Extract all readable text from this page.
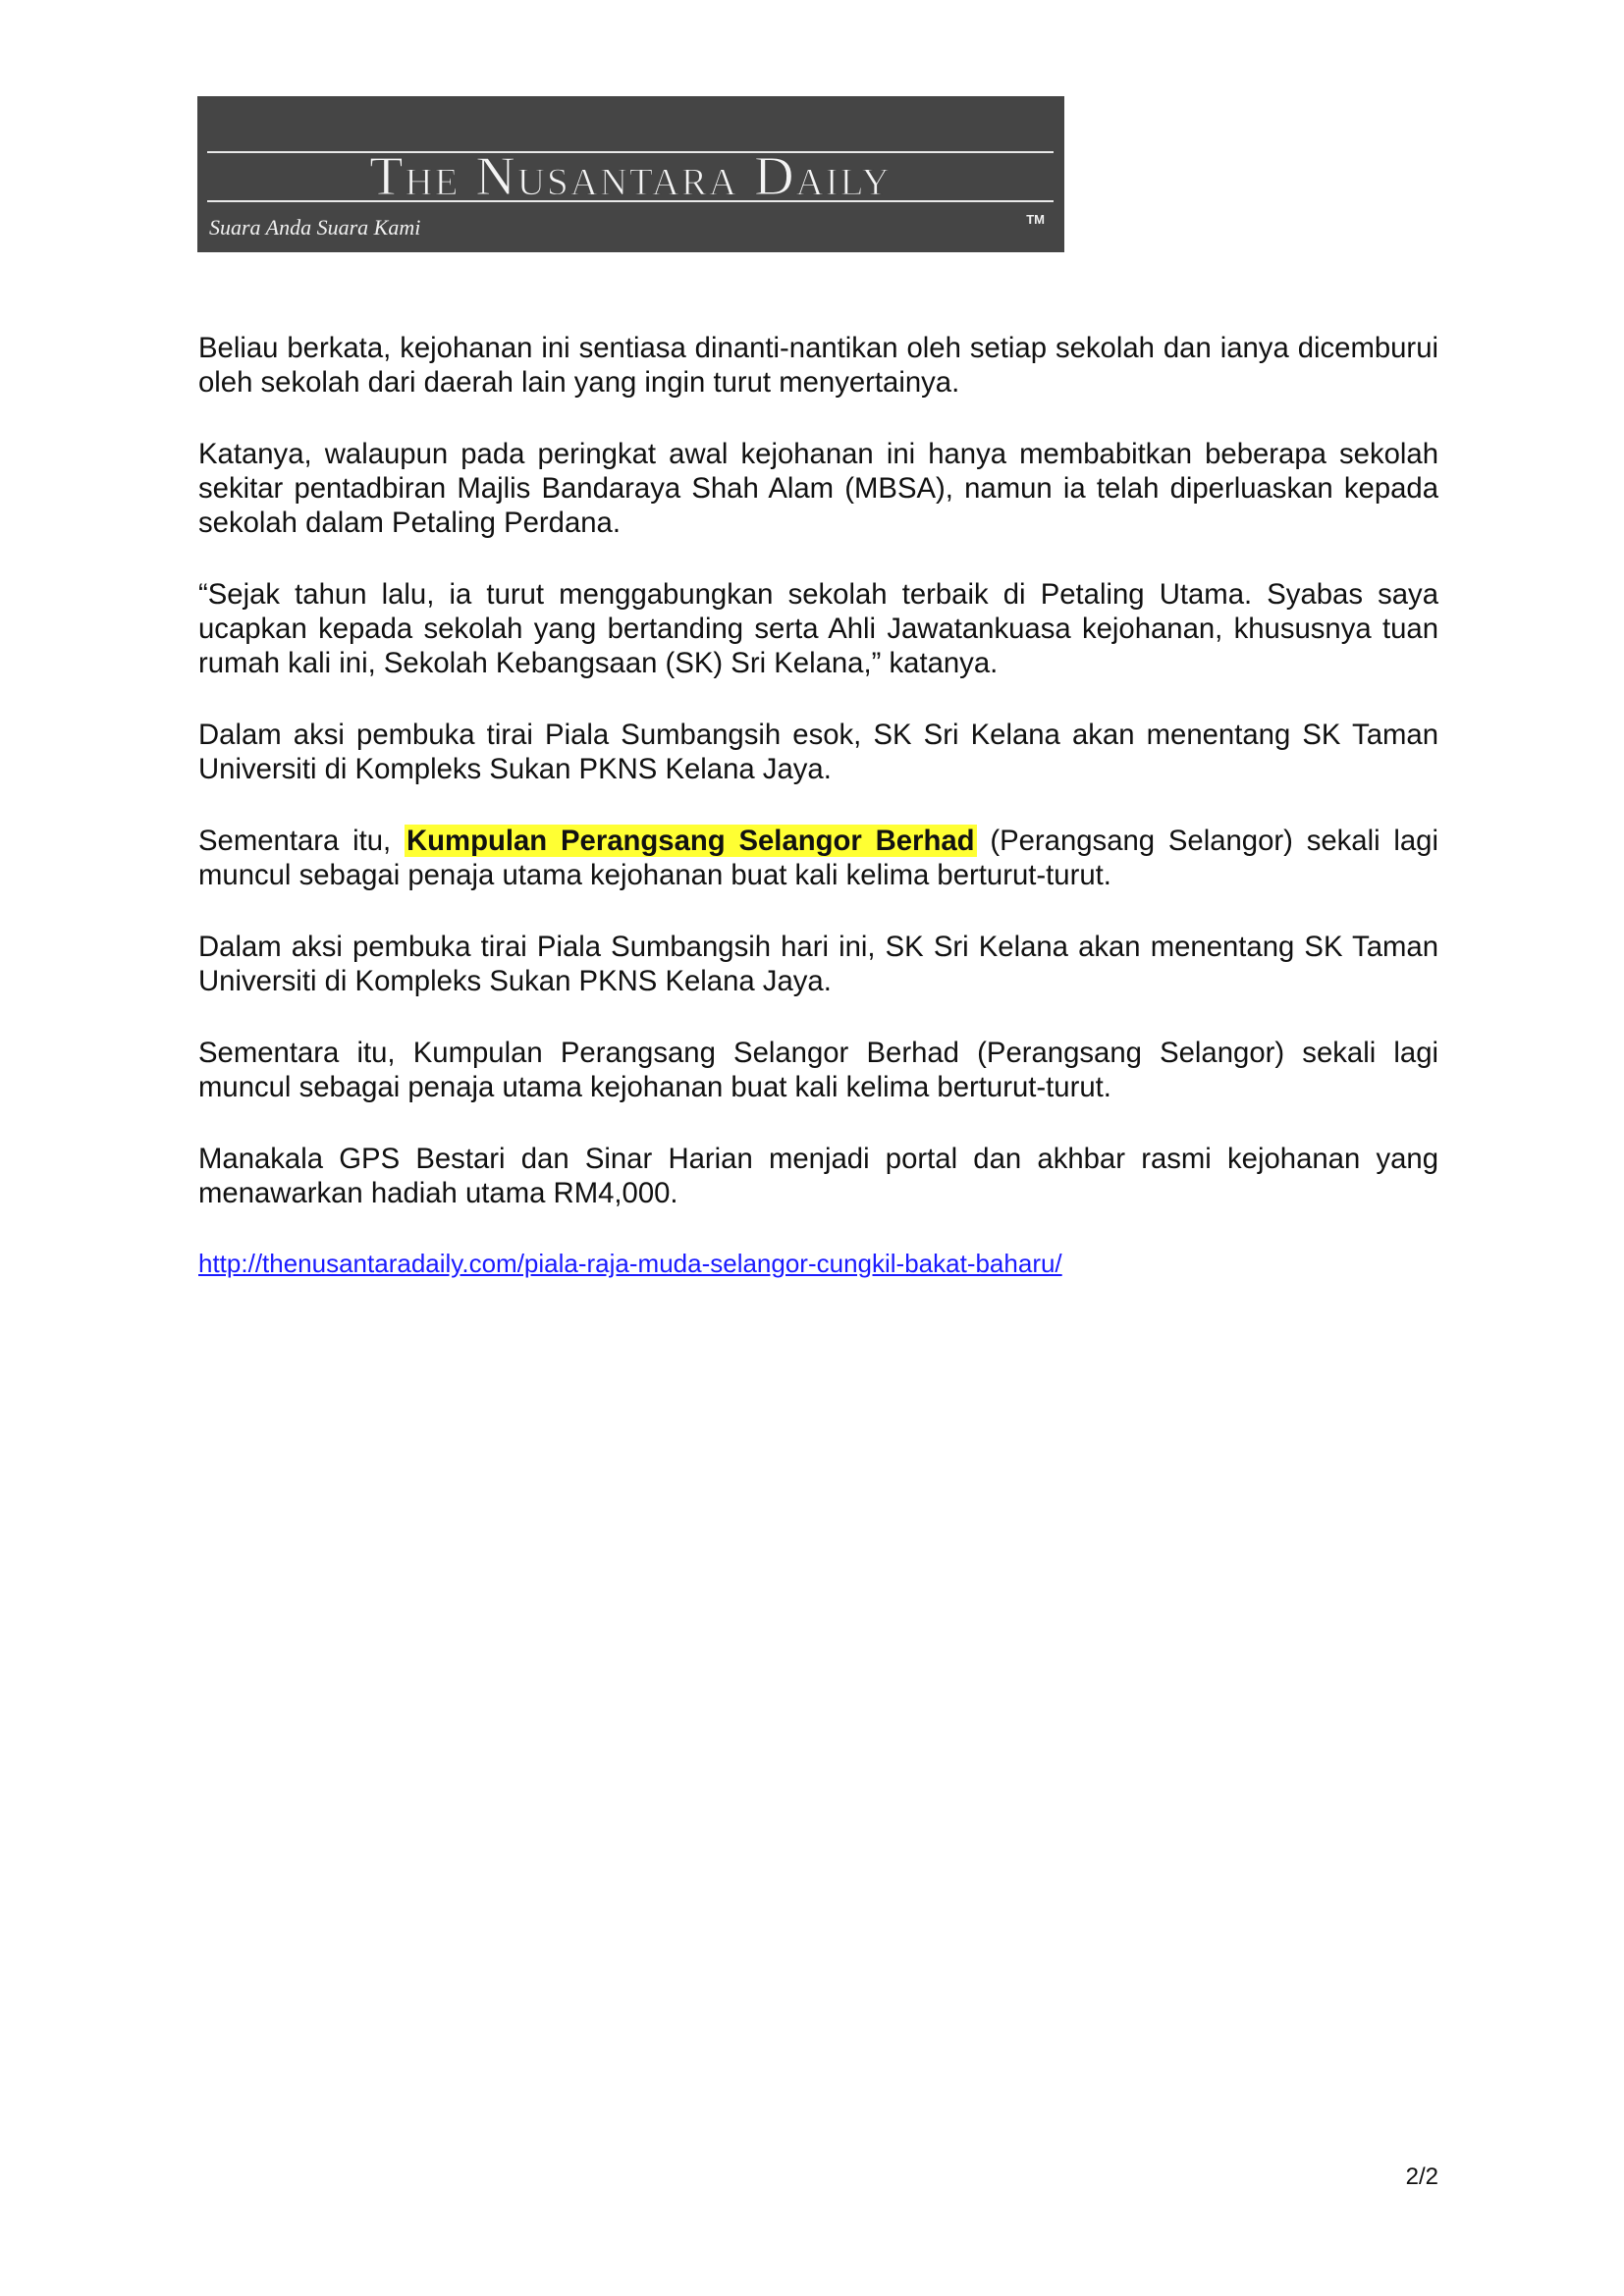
The Nusantara Daily
Suara Anda Suara Kami	TM

Beliau berkata, kejohanan ini sentiasa dinanti-nantikan oleh setiap sekolah dan ianya dicemburui oleh sekolah dari daerah lain yang ingin turut menyertainya.

Katanya, walaupun pada peringkat awal kejohanan ini hanya membabitkan beberapa sekolah sekitar pentadbiran Majlis Bandaraya Shah Alam (MBSA), namun ia telah diperluaskan kepada sekolah dalam Petaling Perdana.

“Sejak tahun lalu, ia turut menggabungkan sekolah terbaik di Petaling Utama. Syabas saya ucapkan kepada sekolah yang bertanding serta Ahli Jawatankuasa kejohanan, khususnya tuan rumah kali ini, Sekolah Kebangsaan (SK) Sri Kelana,” katanya.

Dalam aksi pembuka tirai Piala Sumbangsih esok, SK Sri Kelana akan menentang SK Taman Universiti di Kompleks Sukan PKNS Kelana Jaya.

Sementara itu, Kumpulan Perangsang Selangor Berhad (Perangsang Selangor) sekali lagi muncul sebagai penaja utama kejohanan buat kali kelima berturut-turut.

Dalam aksi pembuka tirai Piala Sumbangsih hari ini, SK Sri Kelana akan menentang SK Taman Universiti di Kompleks Sukan PKNS Kelana Jaya.

Sementara itu, Kumpulan Perangsang Selangor Berhad (Perangsang Selangor) sekali lagi muncul sebagai penaja utama kejohanan buat kali kelima berturut-turut.

Manakala GPS Bestari dan Sinar Harian menjadi portal dan akhbar rasmi kejohanan yang menawarkan hadiah utama RM4,000.

http://thenusantaradaily.com/piala-raja-muda-selangor-cungkil-bakat-baharu/
2/2
